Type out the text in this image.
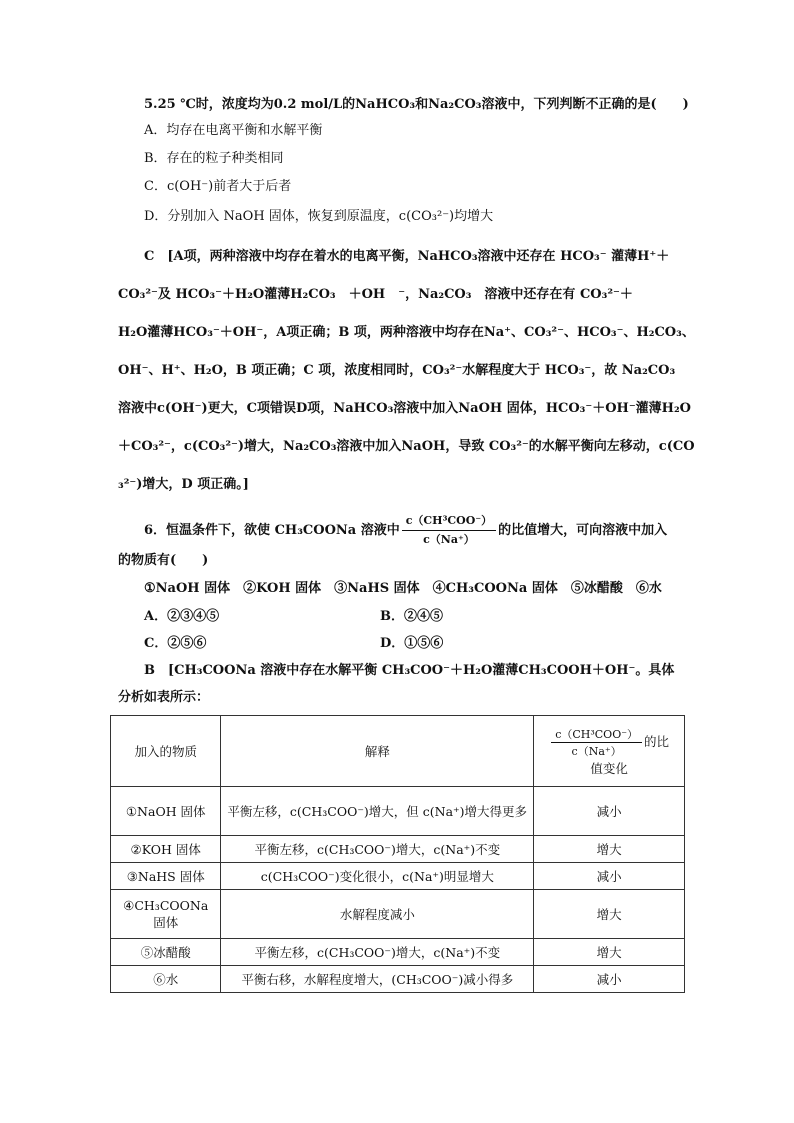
5.25 ℃时，浓度均为0.2 mol/L的NaHCO₃和Na₂CO₃溶液中，下列判断不正确的是(　　)

A．均存在电离平衡和水解平衡

B．存在的粒子种类相同

C．c(OH⁻)前者大于后者

D．分别加入 NaOH 固体，恢复到原温度，c(CO₃²⁻)均增大

C　[A项，两种溶液中均存在着水的电离平衡，NaHCO₃溶液中还存在 HCO₃⁻ 灌薄H⁺＋

CO₃²⁻及 HCO₃⁻＋H₂O灌薄H₂CO₃　＋OH　⁻，Na₂CO₃　溶液中还存在有 CO₃²⁻＋

H₂O灌薄HCO₃⁻＋OH⁻，A项正确；B 项，两种溶液中均存在Na⁺、CO₃²⁻、HCO₃⁻、H₂CO₃、

OH⁻、H⁺、H₂O，B 项正确；C 项，浓度相同时，CO₃²⁻水解程度大于 HCO₃⁻，故 Na₂CO₃

溶液中c(OH⁻)更大，C项错误D项，NaHCO₃溶液中加入NaOH 固体，HCO₃⁻＋OH⁻灌薄H₂O

＋CO₃²⁻，c(CO₃²⁻)增大，Na₂CO₃溶液中加入NaOH，导致 CO₃²⁻的水解平衡向左移动，c(CO

₃²⁻)增大，D 项正确。]

6．恒温条件下，欲使 CH₃COONa 溶液中 $\frac{\text{c（CH³COO⁻）}}{c(Na^+)}$ 的比值增大，可向溶液中加入

的物质有(　　)

①NaOH 固体　②KOH 固体　③NaHS 固体　④CH₃COONa 固体　⑤冰醋酸　⑥水

A．②③④⑤	B．②④⑤

C．②⑤⑥	D．①⑤⑥

B　[CH₃COONa 溶液中存在水解平衡 CH₃COO⁻＋H₂O灌薄CH₃COOH＋OH⁻。具体

分析如表所示：

加入的物质	解释	$\frac{\text{c（CH³COO⁻）}}{c(Na^+)}$ 的比
值变化
①NaOH 固体	平衡左移，c(CH₃COO⁻)增大，但 c(Na⁺)增大得更多	减小
②KOH 固体	平衡左移，c(CH₃COO⁻)增大，c(Na⁺)不变	增大
③NaHS 固体	c(CH₃COO⁻)变化很小，c(Na⁺)明显增大	减小
④CH₃COONa 固体	水解程度减小	增大
⑤冰醋酸	平衡左移，c(CH₃COO⁻)增大，c(Na⁺)不变	增大
⑥水	平衡右移，水解程度增大，(CH₃COO⁻)减小得多	减小
